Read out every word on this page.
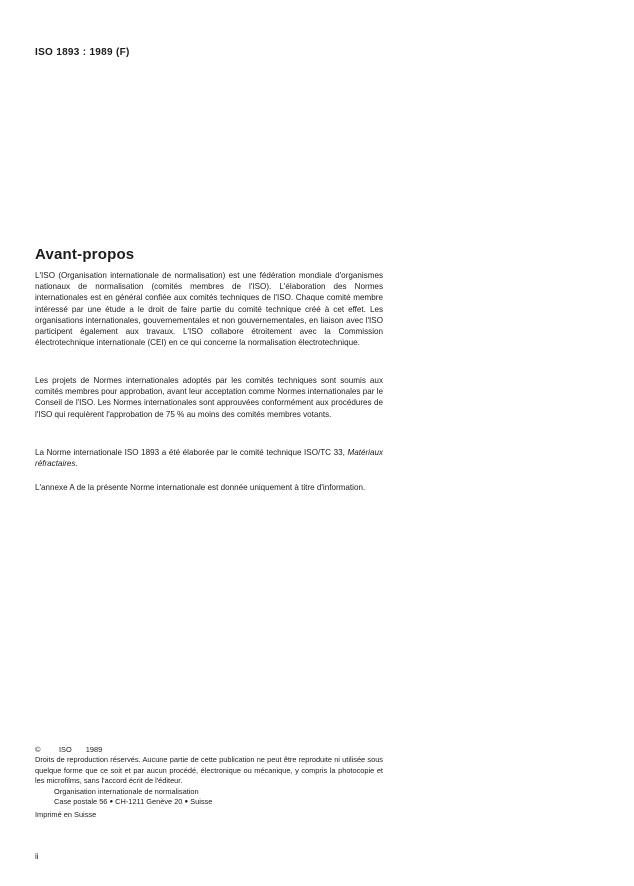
ISO 1893 : 1989 (F)

Avant-propos

L'ISO (Organisation internationale de normalisation) est une fédération mondiale d'organismes nationaux de normalisation (comités membres de l'ISO). L'élaboration des Normes internationales est en général confiée aux comités techniques de l'ISO. Chaque comité membre intéressé par une étude a le droit de faire partie du comité technique créé à cet effet. Les organisations internationales, gouvernementales et non gouvernementales, en liaison avec l'ISO participent également aux travaux. L'ISO collabore étroitement avec la Commission électrotechnique internationale (CEI) en ce qui concerne la normalisation électrotechnique.

Les projets de Normes internationales adoptés par les comités techniques sont soumis aux comités membres pour approbation, avant leur acceptation comme Normes internationales par le Conseil de l'ISO. Les Normes internationales sont approuvées conformément aux procédures de l'ISO qui requièrent l'approbation de 75 % au moins des comités membres votants.

La Norme internationale ISO 1893 a été élaborée par le comité technique ISO/TC 33, Matériaux réfractaires.

L'annexe A de la présente Norme internationale est donnée uniquement à titre d'information.

©	ISO 1989

Droits de reproduction réservés. Aucune partie de cette publication ne peut être reproduite ni utilisée sous quelque forme que ce soit et par aucun procédé, électronique ou mécanique, y compris la photocopie et les microfilms, sans l'accord écrit de l'éditeur.

Organisation internationale de normalisation

Case postale 56 ● CH-1211 Genève 20 ● Suisse

Imprimé en Suisse

ii
